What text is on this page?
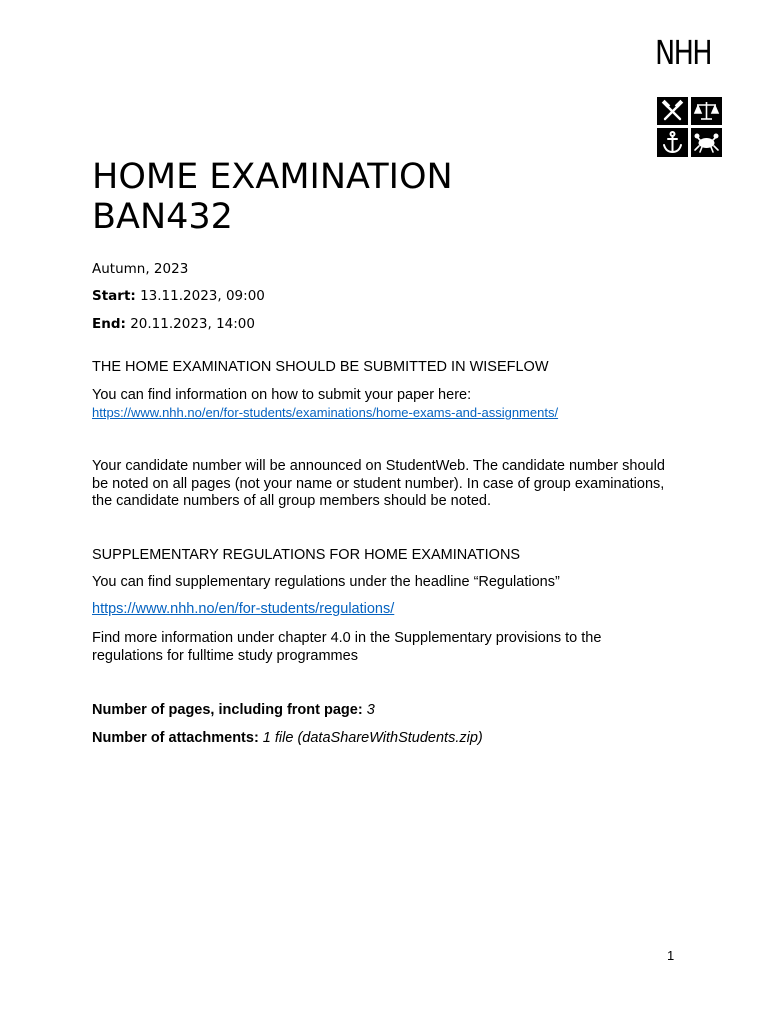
NHH
HOME EXAMINATION
BAN432
Autumn, 2023
Start: 13.11.2023, 09:00
End: 20.11.2023, 14:00
THE HOME EXAMINATION SHOULD BE SUBMITTED IN WISEFLOW
You can find information on how to submit your paper here:
https://www.nhh.no/en/for-students/examinations/home-exams-and-assignments/
Your candidate number will be announced on StudentWeb. The candidate number should be noted on all pages (not your name or student number). In case of group examinations, the candidate numbers of all group members should be noted.
SUPPLEMENTARY REGULATIONS FOR HOME EXAMINATIONS
You can find supplementary regulations under the headline “Regulations”
https://www.nhh.no/en/for-students/regulations/
Find more information under chapter 4.0 in the Supplementary provisions to the regulations for fulltime study programmes
Number of pages, including front page: 3
Number of attachments: 1 file (dataShareWithStudents.zip)
1
